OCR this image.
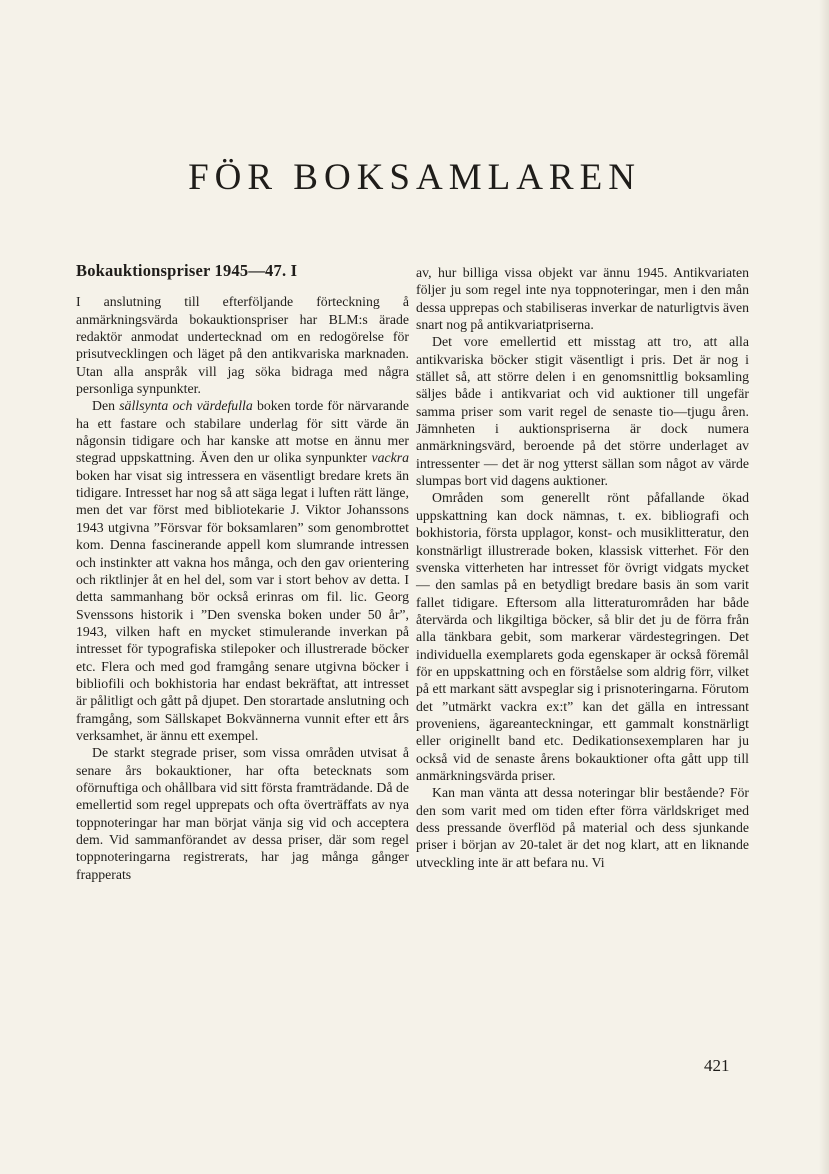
FÖR BOKSAMLAREN
Bokauktionspriser 1945—47. I

I anslutning till efterföljande förteckning å anmärkningsvärda bokauktionspriser har BLM:s ärade redaktör anmodat undertecknad om en redogörelse för prisutvecklingen och läget på den antikvariska marknaden. Utan alla anspråk vill jag söka bidraga med några personliga synpunkter.

Den sällsynta och värdefulla boken torde för närvarande ha ett fastare och stabilare underlag för sitt värde än någonsin tidigare och har kanske att motse en ännu mer stegrad uppskattning. Även den ur olika synpunkter vackra boken har visat sig intressera en väsentligt bredare krets än tidigare. Intresset har nog så att säga legat i luften rätt länge, men det var först med bibliotekarie J. Viktor Johanssons 1943 utgivna ”Försvar för boksamlaren” som genombrottet kom. Denna fascinerande appell kom slumrande intressen och instinkter att vakna hos många, och den gav orientering och riktlinjer åt en hel del, som var i stort behov av detta. I detta sammanhang bör också erinras om fil. lic. Georg Svenssons historik i ”Den svenska boken under 50 år”, 1943, vilken haft en mycket stimulerande inverkan på intresset för typografiska stilepoker och illustrerade böcker etc. Flera och med god framgång senare utgivna böcker i bibliofili och bokhistoria har endast bekräftat, att intresset är pålitligt och gått på djupet. Den storartade anslutning och framgång, som Sällskapet Bokvännerna vunnit efter ett års verksamhet, är ännu ett exempel.

De starkt stegrade priser, som vissa områden utvisat å senare års bokauktioner, har ofta betecknats som oförnuftiga och ohållbara vid sitt första framträdande. Då de emellertid som regel upprepats och ofta överträffats av nya toppnoteringar har man börjat vänja sig vid och acceptera dem. Vid sammanförandet av dessa priser, där som regel toppnoteringarna registrerats, har jag många gånger frapperats

av, hur billiga vissa objekt var ännu 1945. Antikvariaten följer ju som regel inte nya toppnoteringar, men i den mån dessa upprepas och stabiliseras inverkar de naturligtvis även snart nog på antikvariatpriserna.

Det vore emellertid ett misstag att tro, att alla antikvariska böcker stigit väsentligt i pris. Det är nog i stället så, att större delen i en genomsnittlig boksamling säljes både i antikvariat och vid auktioner till ungefär samma priser som varit regel de senaste tio—tjugu åren. Jämnheten i auktionspriserna är dock numera anmärkningsvärd, beroende på det större underlaget av intressenter — det är nog ytterst sällan som något av värde slumpas bort vid dagens auktioner.

Områden som generellt rönt påfallande ökad uppskattning kan dock nämnas, t. ex. bibliografi och bokhistoria, första upplagor, konst- och musiklitteratur, den konstnärligt illustrerade boken, klassisk vitterhet. För den svenska vitterheten har intresset för övrigt vidgats mycket — den samlas på en betydligt bredare basis än som varit fallet tidigare. Eftersom alla litteraturområden har både återvärda och likgiltiga böcker, så blir det ju de förra från alla tänkbara gebit, som markerar värdestegringen. Det individuella exemplarets goda egenskaper är också föremål för en uppskattning och en förståelse som aldrig förr, vilket på ett markant sätt avspeglar sig i prisnoteringarna. Förutom det ”utmärkt vackra ex:t” kan det gälla en intressant proveniens, ägareanteckningar, ett gammalt konstnärligt eller originellt band etc. Dedikationsexemplaren har ju också vid de senaste årens bokauktioner ofta gått upp till anmärkningsvärda priser.

Kan man vänta att dessa noteringar blir bestående? För den som varit med om tiden efter förra världskriget med dess pressande överflöd på material och dess sjunkande priser i början av 20-talet är det nog klart, att en liknande utveckling inte är att befara nu. Vi

421
